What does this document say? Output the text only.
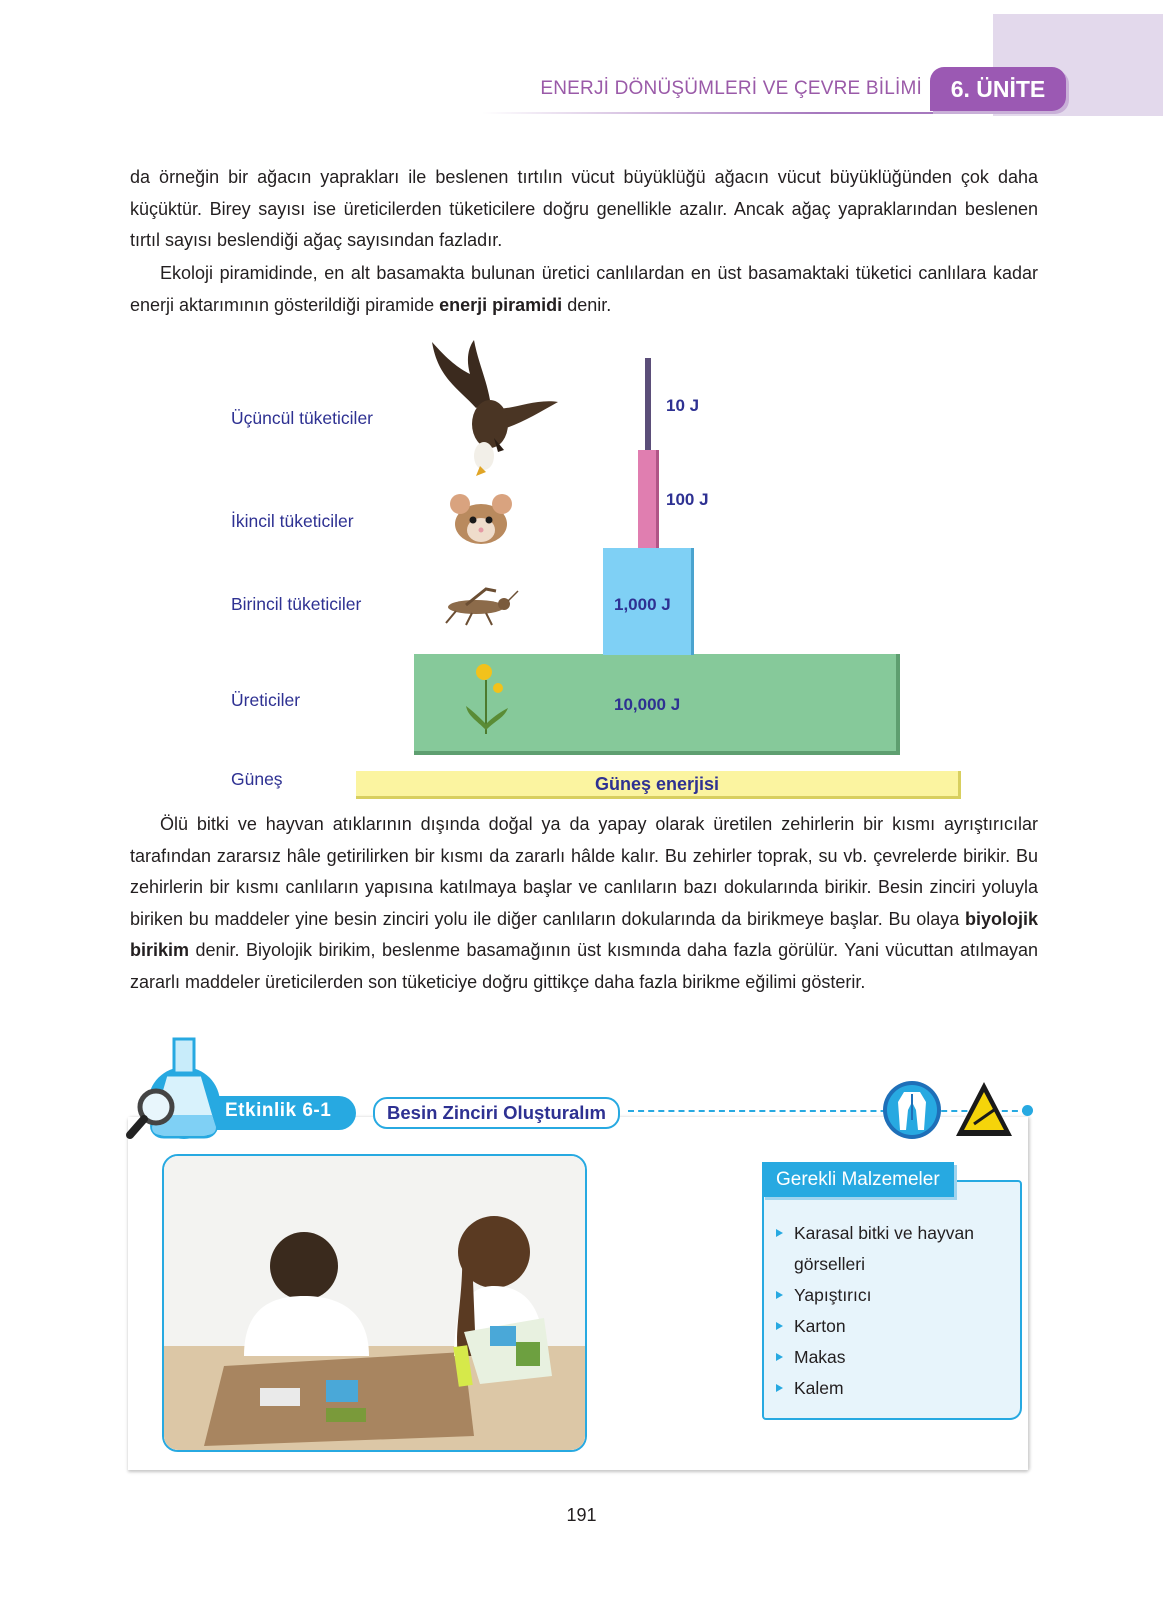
ENERJİ DÖNÜŞÜMLERİ VE ÇEVRE BİLİMİ	6. ÜNİTE
da örneğin bir ağacın yaprakları ile beslenen tırtılın vücut büyüklüğü ağacın vücut büyüklüğünden çok daha küçüktür. Birey sayısı ise üreticilerden tüketicilere doğru genellikle azalır. Ancak ağaç yapraklarından beslenen tırtıl sayısı beslendiği ağaç sayısından fazladır.
Ekoloji piramidinde, en alt basamakta bulunan üretici canlılardan en üst basamaktaki tüketici canlılara kadar enerji aktarımının gösterildiği piramide enerji piramidi denir.
Üçüncül tüketiciler
İkincil tüketiciler
Birincil tüketiciler
Üreticiler
Güneş	Güneş enerjisi
10 J
100 J
1,000 J
10,000 J
Ölü bitki ve hayvan atıklarının dışında doğal ya da yapay olarak üretilen zehirlerin bir kısmı ayrıştırıcılar tarafından zararsız hâle getirilirken bir kısmı da zararlı hâlde kalır. Bu zehirler toprak, su vb. çevrelerde birikir. Bu zehirlerin bir kısmı canlıların yapısına katılmaya başlar ve canlıların bazı dokularında birikir. Besin zinciri yoluyla biriken bu maddeler yine besin zinciri yolu ile diğer canlıların dokularında da birikmeye başlar. Bu olaya biyolojik birikim denir. Biyolojik birikim, beslenme basamağının üst kısmında daha fazla görülür. Yani vücuttan atılmayan zararlı maddeler üreticilerden son tüketiciye doğru gittikçe daha fazla birikme eğilimi gösterir.
Etkinlik 6-1	Besin Zinciri Oluşturalım
Gerekli Malzemeler
Karasal bitki ve hayvan görselleri
Yapıştırıcı
Karton
Makas
Kalem
191
